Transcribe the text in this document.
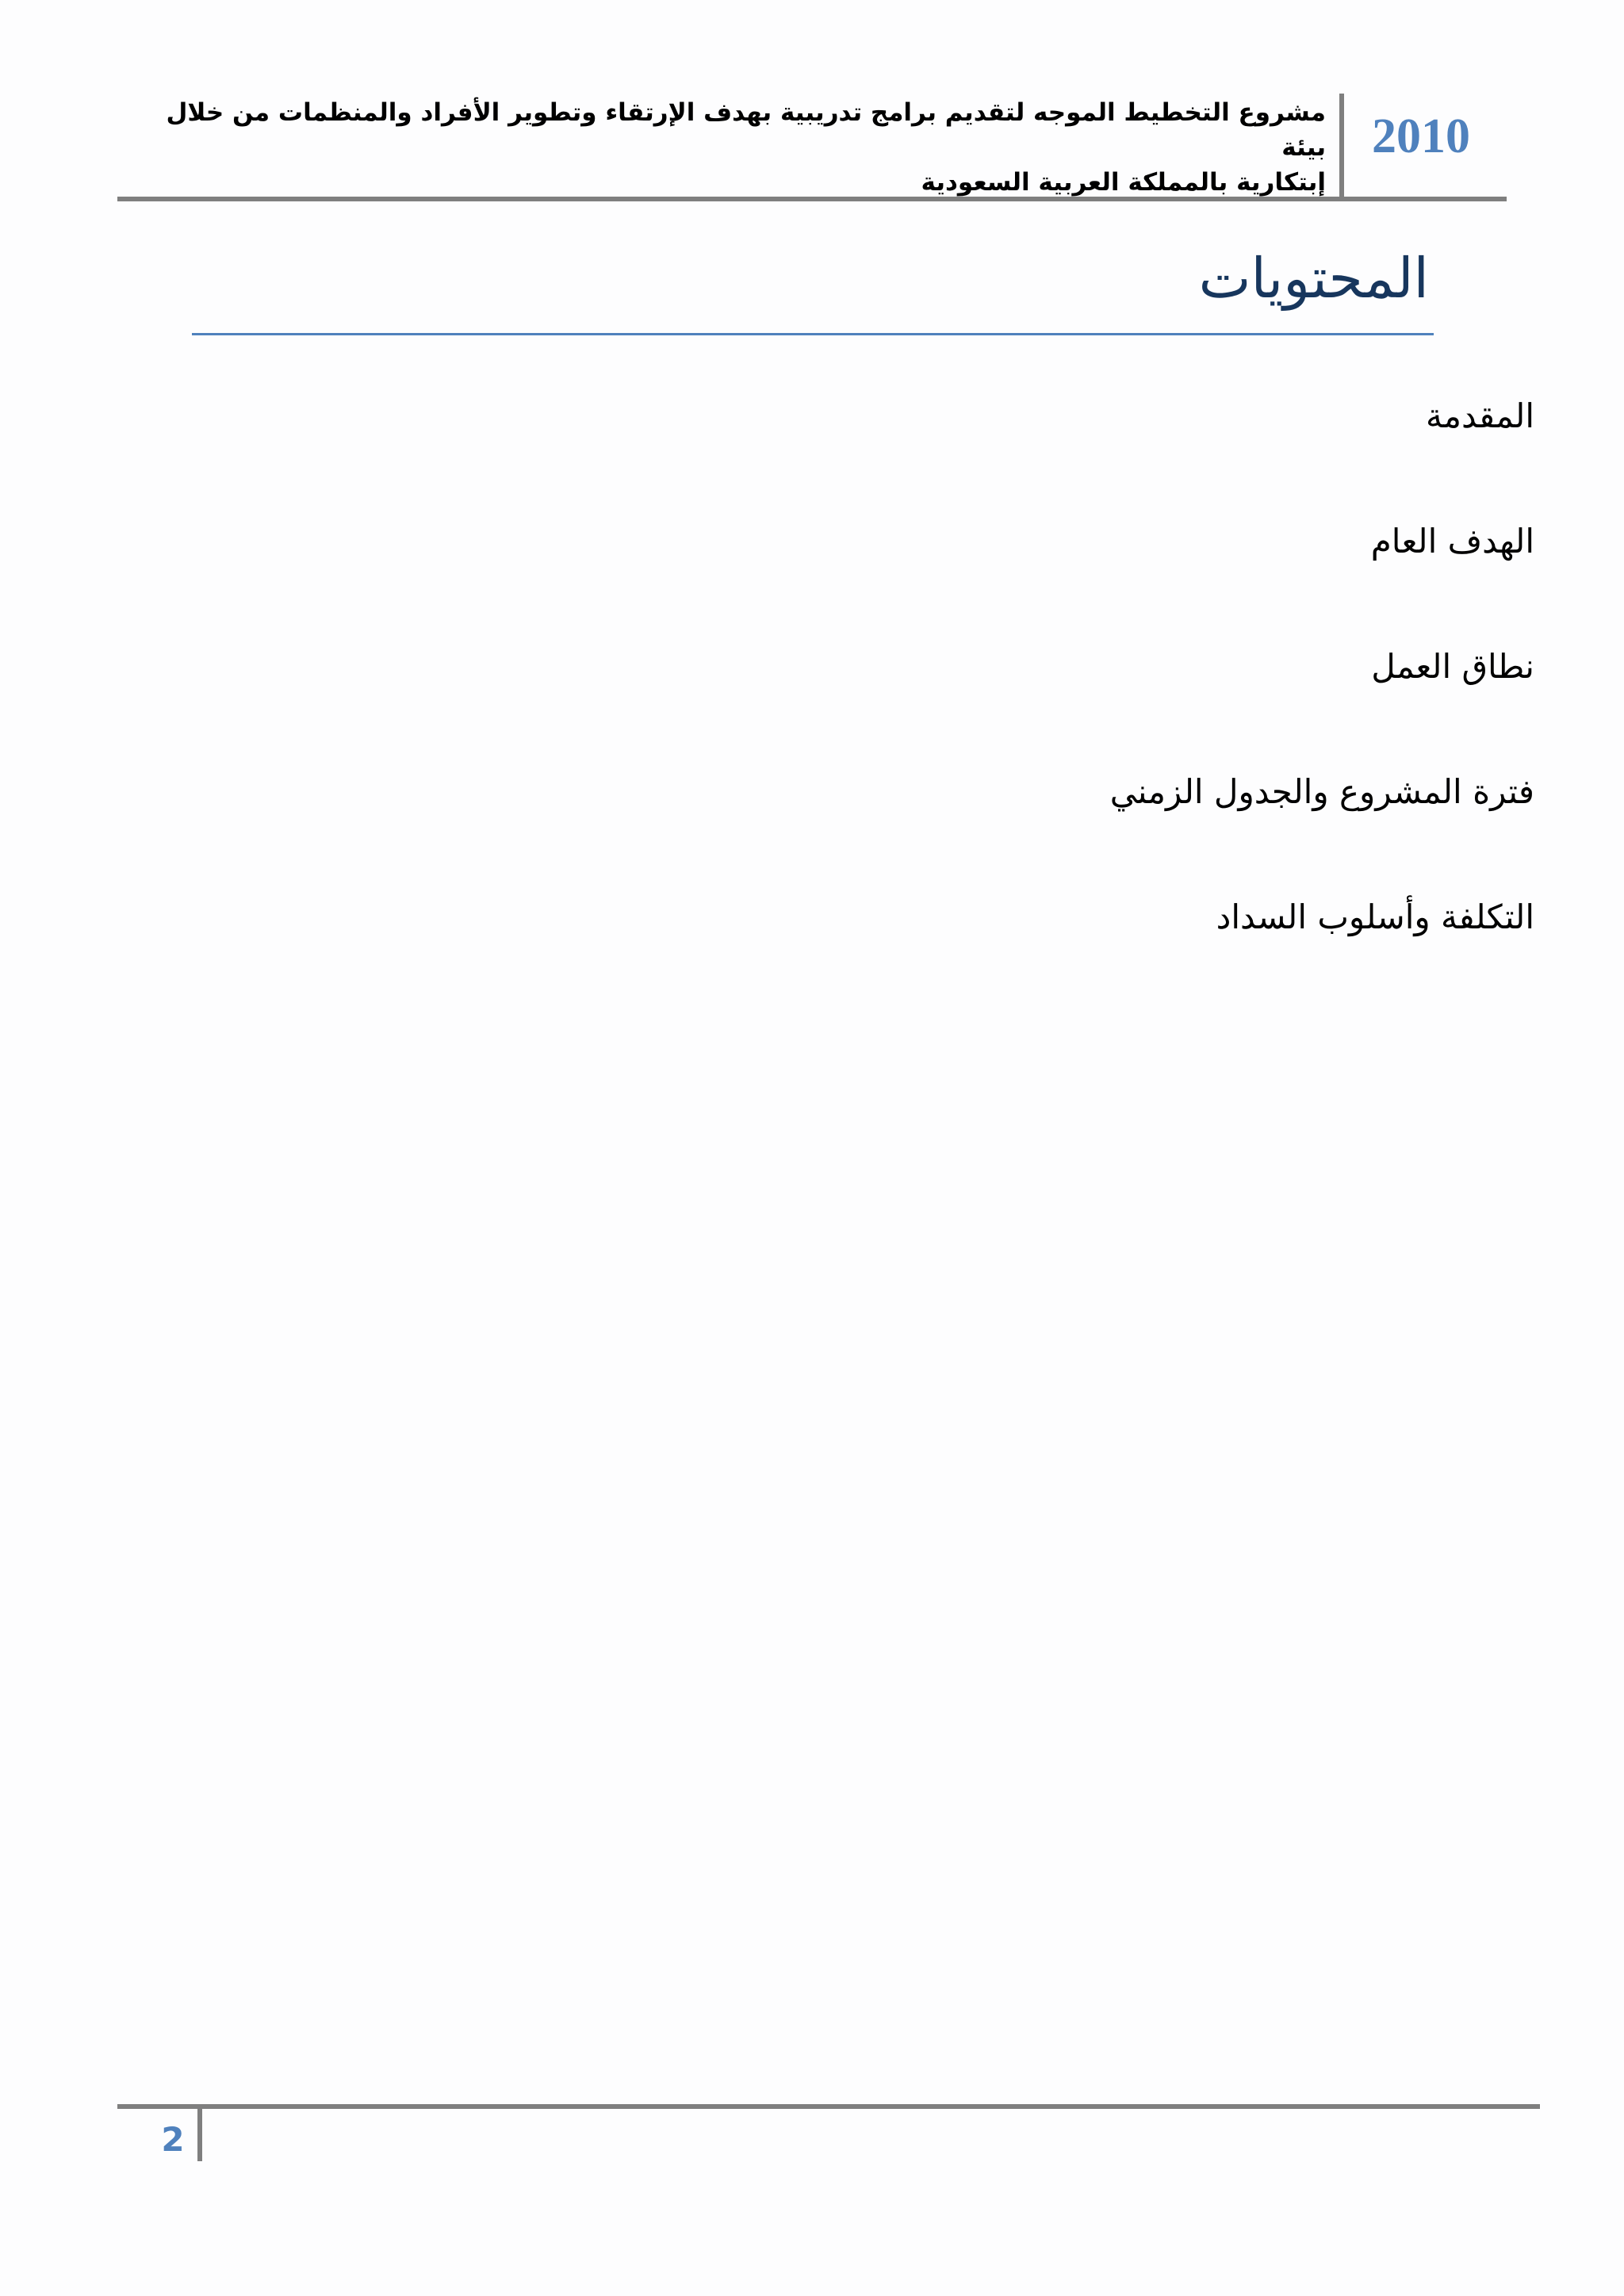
2010
مشروع التخطيط الموجه لتقديم برامج تدريبية بهدف الإرتقاء وتطوير الأفراد والمنظمات من خلال بيئة
إبتكارية بالمملكة العربية السعودية
المحتويات
المقدمة
الهدف العام
نطاق العمل
فترة المشروع والجدول الزمني
التكلفة وأسلوب السداد
2
